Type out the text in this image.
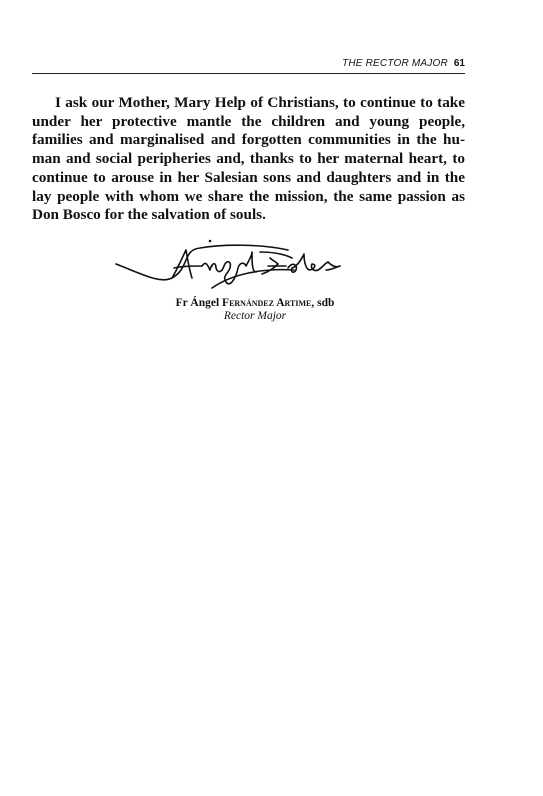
THE RECTOR MAJOR 61

I ask our Mother, Mary Help of Christians, to continue to take under her protective mantle the children and young people, families and marginalised and forgotten communities in the human and social peripheries and, thanks to her maternal heart, to continue to arouse in her Salesian sons and daughters and in the lay people with whom we share the mission, the same passion as Don Bosco for the salvation of souls.

Fr Ángel Fernández Artime, sdb
Rector Major
